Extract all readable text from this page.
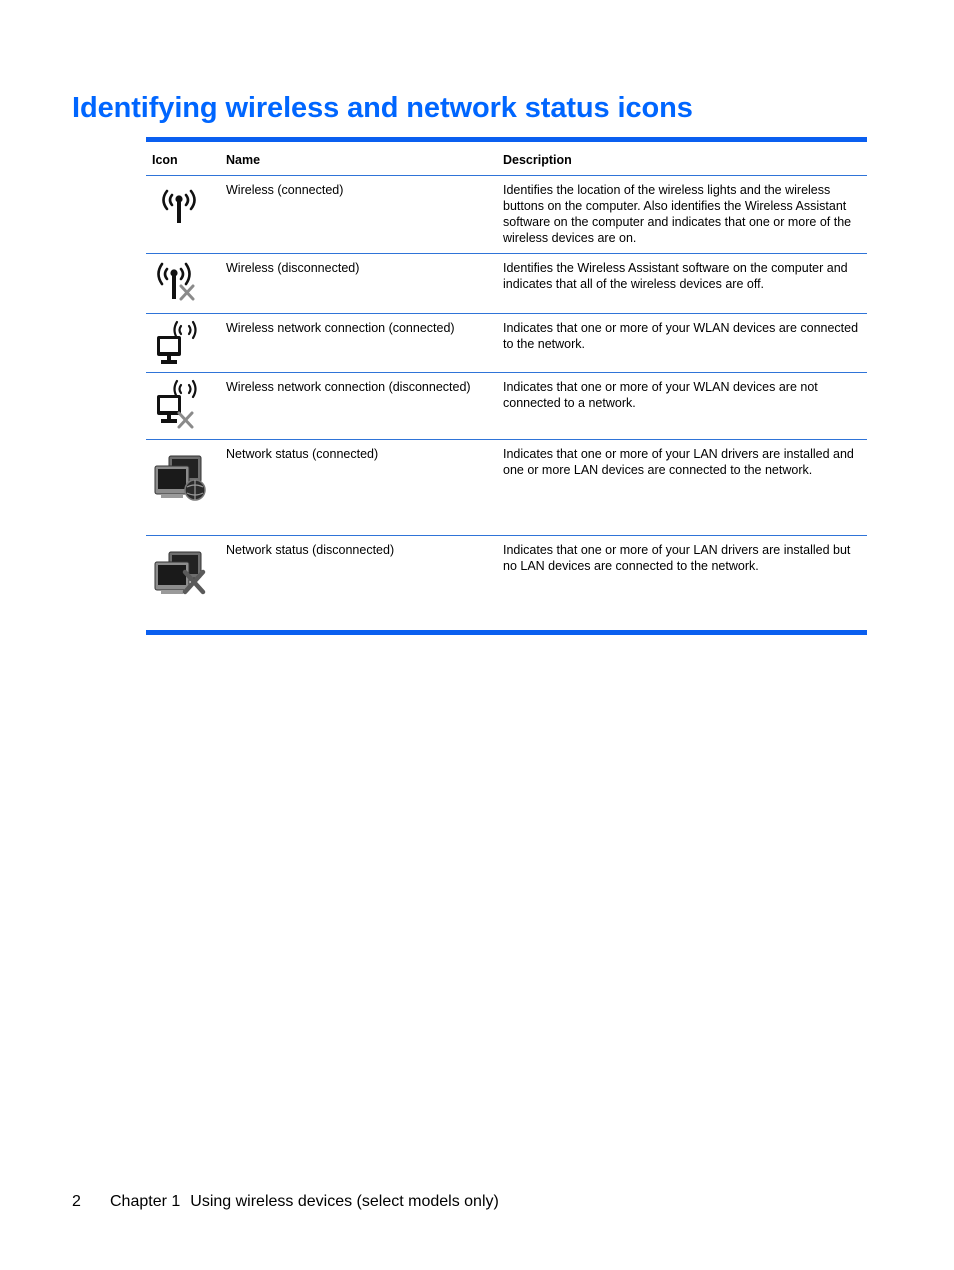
Identifying wireless and network status icons
Icon	Name	Description
Wireless (connected)	Identifies the location of the wireless lights and the wireless buttons on the computer. Also identifies the Wireless Assistant software on the computer and indicates that one or more of the wireless devices are on.
Wireless (disconnected)	Identifies the Wireless Assistant software on the computer and indicates that all of the wireless devices are off.
Wireless network connection (connected)	Indicates that one or more of your WLAN devices are connected to the network.
Wireless network connection (disconnected)	Indicates that one or more of your WLAN devices are not connected to a network.
Network status (connected)	Indicates that one or more of your LAN drivers are installed and one or more LAN devices are connected to the network.
Network status (disconnected)	Indicates that one or more of your LAN drivers are installed but no LAN devices are connected to the network.
2 Chapter 1 Using wireless devices (select models only)
